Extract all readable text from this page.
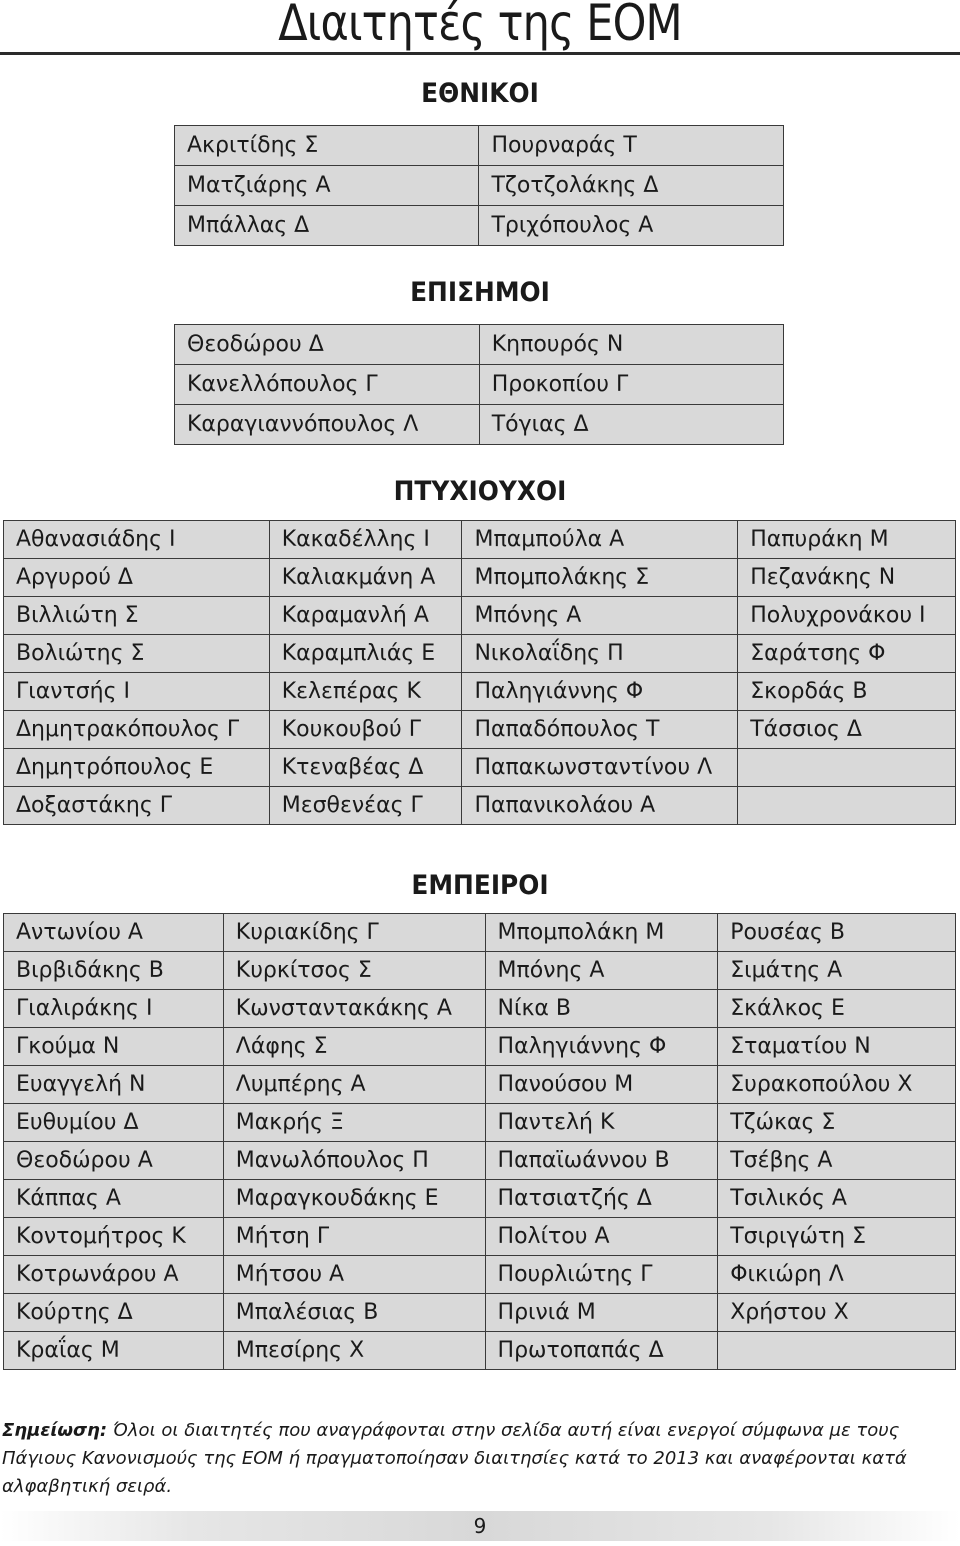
Διαιτητές της ΕΟΜ
ΕΘΝΙΚΟΙ
Ακριτίδης Σ	Πουρναράς Τ
Ματζιάρης Α	Τζοτζολάκης Δ
Μπάλλας Δ	Τριχόπουλος Α
ΕΠΙΣΗΜΟΙ
Θεοδώρου Δ	Κηπουρός Ν
Κανελλόπουλος Γ	Προκοπίου Γ
Καραγιαννόπουλος Λ	Τόγιας Δ
ΠΤΥΧΙΟΥΧΟΙ
Αθανασιάδης Ι	Κακαδέλλης Ι	Μπαμπούλα Α	Παπυράκη Μ
Αργυρού Δ	Καλιακμάνη Α	Μπομπολάκης Σ	Πεζανάκης Ν
Βιλλιώτη Σ	Καραμανλή Α	Μπόνης Α	Πολυχρονάκου Ι
Βολιώτης Σ	Καραμπλιάς Ε	Νικολαΐδης Π	Σαράτσης Φ
Γιαντσής Ι	Κελεπέρας Κ	Παληγιάννης Φ	Σκορδάς Β
Δημητρακόπουλος Γ	Κουκουβού Γ	Παπαδόπουλος Τ	Τάσσιος Δ
Δημητρόπουλος Ε	Κτεναβέας Δ	Παπακωνσταντίνου Λ	
Δοξαστάκης Γ	Μεσθενέας Γ	Παπανικολάου Α	
ΕΜΠΕΙΡΟΙ
Αντωνίου Α	Κυριακίδης Γ	Μπομπολάκη Μ	Ρουσέας Β
Βιρβιδάκης Β	Κυρκίτσος Σ	Μπόνης Α	Σιμάτης Α
Γιαλιράκης Ι	Κωνσταντακάκης Α	Νίκα Β	Σκάλκος Ε
Γκούμα Ν	Λάφης Σ	Παληγιάννης Φ	Σταματίου Ν
Ευαγγελή Ν	Λυμπέρης Α	Πανούσου Μ	Συρακοπούλου Χ
Ευθυμίου Δ	Μακρής Ξ	Παντελή Κ	Τζώκας Σ
Θεοδώρου Α	Μανωλόπουλος Π	Παπαϊωάννου Β	Τσέβης Α
Κάππας Α	Μαραγκουδάκης Ε	Πατσιατζής Δ	Τσιλικός Α
Κοντομήτρος Κ	Μήτση Γ	Πολίτου Α	Τσιριγώτη Σ
Κοτρωνάρου Α	Μήτσου Α	Πουρλιώτης Γ	Φικιώρη Λ
Κούρτης Δ	Μπαλέσιας Β	Πρινιά Μ	Χρήστου Χ
Κραΐας Μ	Μπεσίρης Χ	Πρωτοπαπάς Δ	

Σημείωση: Όλοι οι διαιτητές που αναγράφονται στην σελίδα αυτή είναι ενεργοί σύμφωνα με τους Πάγιους Κανονισμούς της ΕΟΜ ή πραγματοποίησαν διαιτησίες κατά το 2013 και αναφέρονται κατά αλφαβητική σειρά.

9
